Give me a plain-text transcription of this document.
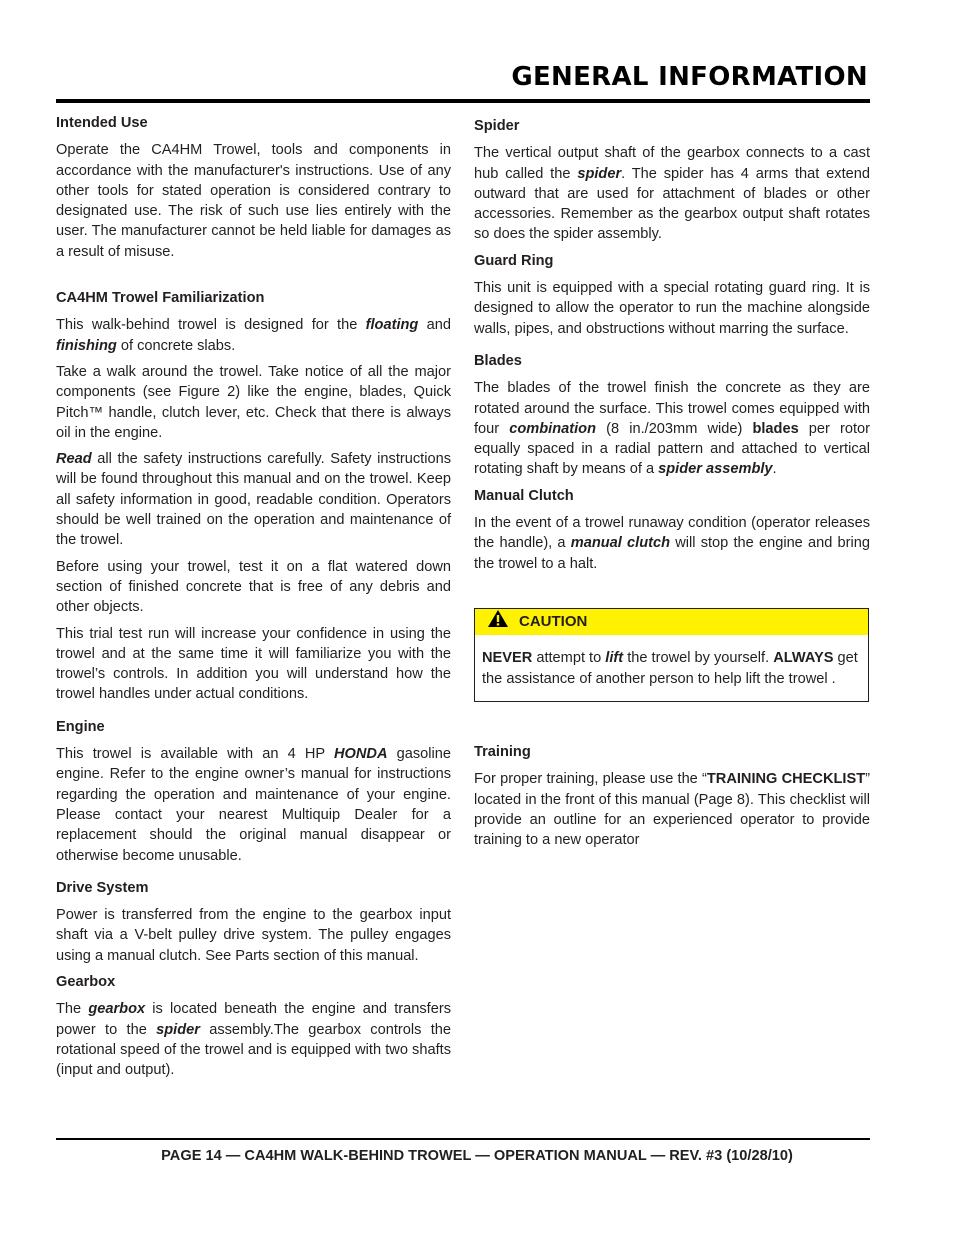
GENERAL INFORMATION
Intended Use

Operate the CA4HM Trowel, tools and components in accordance with the manufacturer's instructions. Use of any other tools for stated operation is considered contrary to designated use. The risk of such use lies entirely with the user. The manufacturer cannot be held liable for damages as a result of misuse.

CA4HM Trowel Familiarization

This walk-behind trowel is designed for the floating and finishing of concrete slabs.

Take a walk around the trowel. Take notice of all the major components (see Figure 2) like the engine, blades, Quick Pitch™ handle, clutch lever, etc. Check that there is always oil in the engine.

Read all the safety instructions carefully. Safety instructions will be found throughout this manual and on the trowel. Keep all safety information in good, readable condition. Operators should be well trained on the operation and maintenance of the trowel.

Before using your trowel, test it on a flat watered down section of finished concrete that is free of any debris and other objects.

This trial test run will increase your confidence in using the trowel and at the same time it will familiarize you with the trowel’s controls. In addition you will understand how the trowel handles under actual conditions.

Engine

This trowel is available with an 4 HP HONDA gasoline engine. Refer to the engine owner’s manual for instructions regarding the operation and maintenance of your engine. Please contact your nearest Multiquip Dealer for a replacement should the original manual disappear or otherwise become unusable.

Drive System

Power is transferred from the engine to the gearbox input shaft via a V-belt pulley drive system. The pulley engages using a manual clutch. See Parts section of this manual.

Gearbox

The gearbox is located beneath the engine and transfers power to the spider assembly.The gearbox controls the rotational speed of the trowel and is equipped with two shafts (input and output).

Spider

The vertical output shaft of the gearbox connects to a cast hub called the spider. The spider has 4 arms that extend outward that are used for attachment of blades or other accessories. Remember as the gearbox output shaft rotates so does the spider assembly.

Guard Ring

This unit is equipped with a special rotating guard ring. It is designed to allow the operator to run the machine alongside walls, pipes, and obstructions without marring the surface.

Blades

The blades of the trowel finish the concrete as they are rotated around the surface. This trowel comes equipped with four combination (8 in./203mm wide) blades per rotor equally spaced in a radial pattern and attached to vertical rotating shaft by means of a spider assembly.

Manual Clutch

In the event of a trowel runaway condition (operator releases the handle), a manual clutch will stop the engine and bring the trowel to a halt.

CAUTION
NEVER attempt to lift the trowel by yourself. ALWAYS get the assistance of another person to help lift the trowel .
Training

For proper training, please use the “TRAINING CHECKLIST” located in the front of this manual (Page 8). This checklist will provide an outline for an experienced operator to provide training to a new operator

PAGE 14 — CA4HM WALK-BEHIND TROWEL — OPERATION MANUAL — REV. #3 (10/28/10)
